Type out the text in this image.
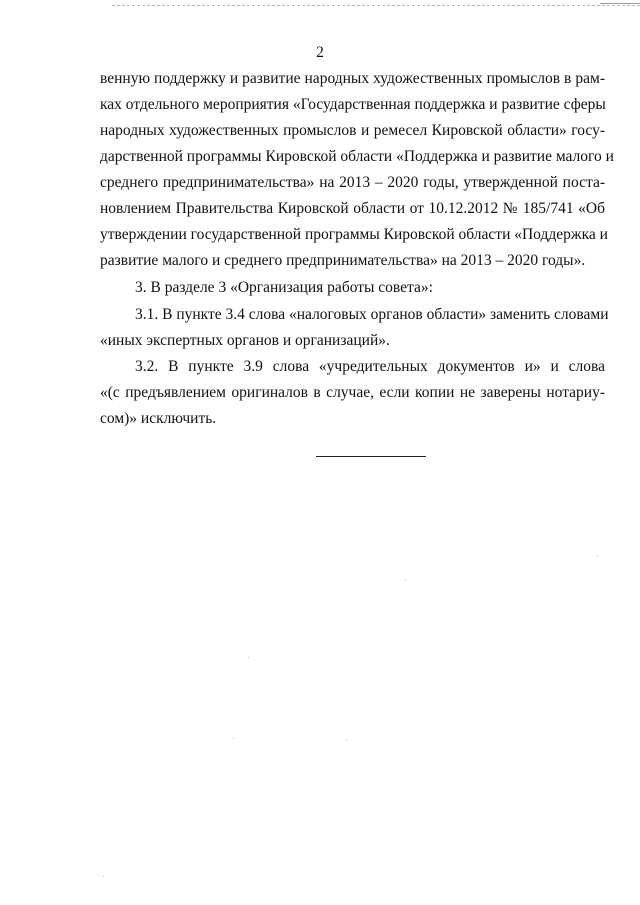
2
венную поддержку и развитие народных художественных промыслов в рам-
ках отдельного мероприятия «Государственная поддержка и развитие сферы
народных художественных промыслов и ремесел Кировской области» госу-
дарственной программы Кировской области «Поддержка и развитие малого и
среднего предпринимательства» на 2013 – 2020 годы, утвержденной поста-
новлением Правительства Кировской области от 10.12.2012 № 185/741 «Об
утверждении государственной программы Кировской области «Поддержка и
развитие малого и среднего предпринимательства» на 2013 – 2020 годы».
3. В разделе 3 «Организация работы совета»:
3.1. В пункте 3.4 слова «налоговых органов области» заменить словами
«иных экспертных органов и организаций».
3.2. В пункте 3.9 слова «учредительных документов и» и слова
«(с предъявлением оригиналов в случае, если копии не заверены нотариу-
сом)» исключить.
